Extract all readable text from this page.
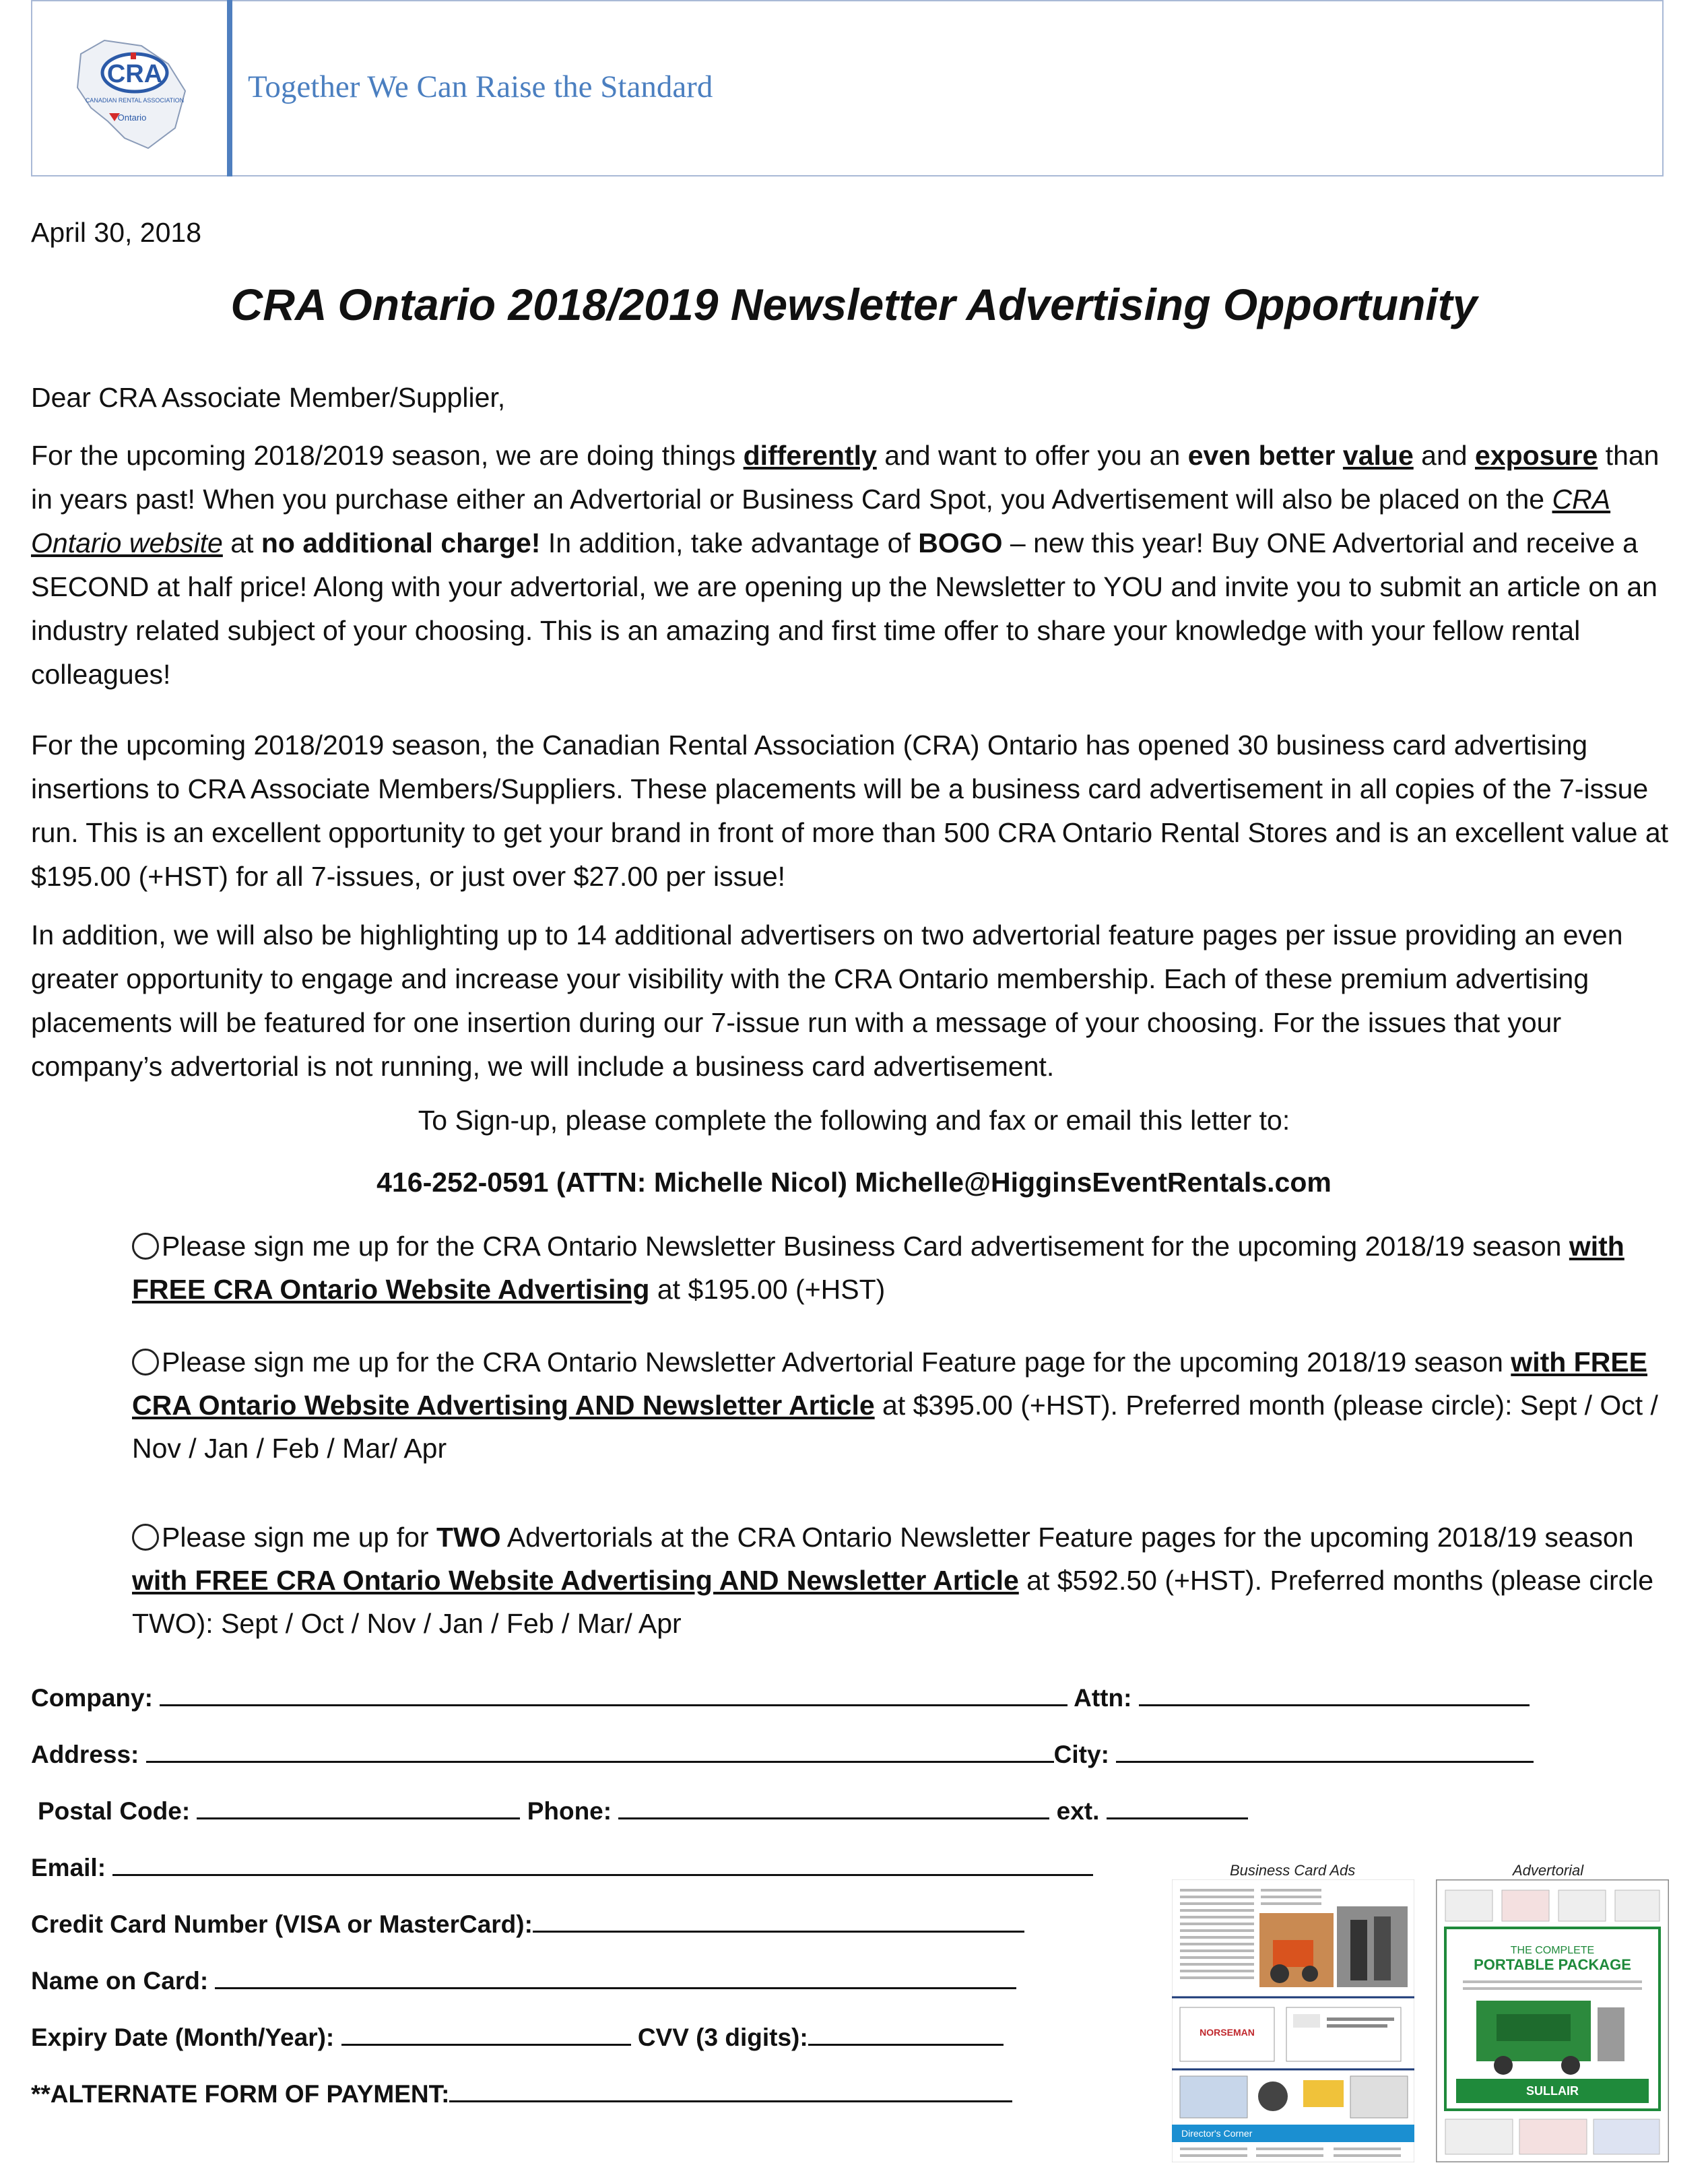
CRA
CANADIAN RENTAL ASSOCIATION
Ontario
Together We Can Raise the Standard
April 30, 2018
CRA Ontario 2018/2019 Newsletter Advertising Opportunity
Dear CRA Associate Member/Supplier,
For the upcoming 2018/2019 season, we are doing things differently and want to offer you an even better value and exposure than in years past! When you purchase either an Advertorial or Business Card Spot, you Advertisement will also be placed on the CRA Ontario website at no additional charge! In addition, take advantage of BOGO – new this year! Buy ONE Advertorial and receive a SECOND at half price! Along with your advertorial, we are opening up the Newsletter to YOU and invite you to submit an article on an industry related subject of your choosing. This is an amazing and first time offer to share your knowledge with your fellow rental colleagues!
For the upcoming 2018/2019 season, the Canadian Rental Association (CRA) Ontario has opened 30 business card advertising insertions to CRA Associate Members/Suppliers. These placements will be a business card advertisement in all copies of the 7-issue run. This is an excellent opportunity to get your brand in front of more than 500 CRA Ontario Rental Stores and is an excellent value at $195.00 (+HST) for all 7-issues, or just over $27.00 per issue!
In addition, we will also be highlighting up to 14 additional advertisers on two advertorial feature pages per issue providing an even greater opportunity to engage and increase your visibility with the CRA Ontario membership. Each of these premium advertising placements will be featured for one insertion during our 7-issue run with a message of your choosing. For the issues that your company’s advertorial is not running, we will include a business card advertisement.
To Sign-up, please complete the following and fax or email this letter to:
416-252-0591 (ATTN: Michelle Nicol) Michelle@HigginsEventRentals.com
Please sign me up for the CRA Ontario Newsletter Business Card advertisement for the upcoming 2018/19 season with FREE CRA Ontario Website Advertising at $195.00 (+HST)
Please sign me up for the CRA Ontario Newsletter Advertorial Feature page for the upcoming 2018/19 season with FREE CRA Ontario Website Advertising AND Newsletter Article at $395.00 (+HST). Preferred month (please circle): Sept / Oct / Nov / Jan / Feb / Mar/ Apr
Please sign me up for TWO Advertorials at the CRA Ontario Newsletter Feature pages for the upcoming 2018/19 season with FREE CRA Ontario Website Advertising AND Newsletter Article at $592.50 (+HST). Preferred months (please circle TWO): Sept / Oct / Nov / Jan / Feb / Mar/ Apr
Company:	Attn:
Address:	City:
Postal Code:	Phone:	ext.
Email:
Credit Card Number (VISA or MasterCard):
Name on Card:
Expiry Date (Month/Year):	CVV (3 digits):
**ALTERNATE FORM OF PAYMENT:
Business Card Ads
NORSEMAN
Director's Corner
Advertorial
THE COMPLETE
PORTABLE PACKAGE
SULLAIR
